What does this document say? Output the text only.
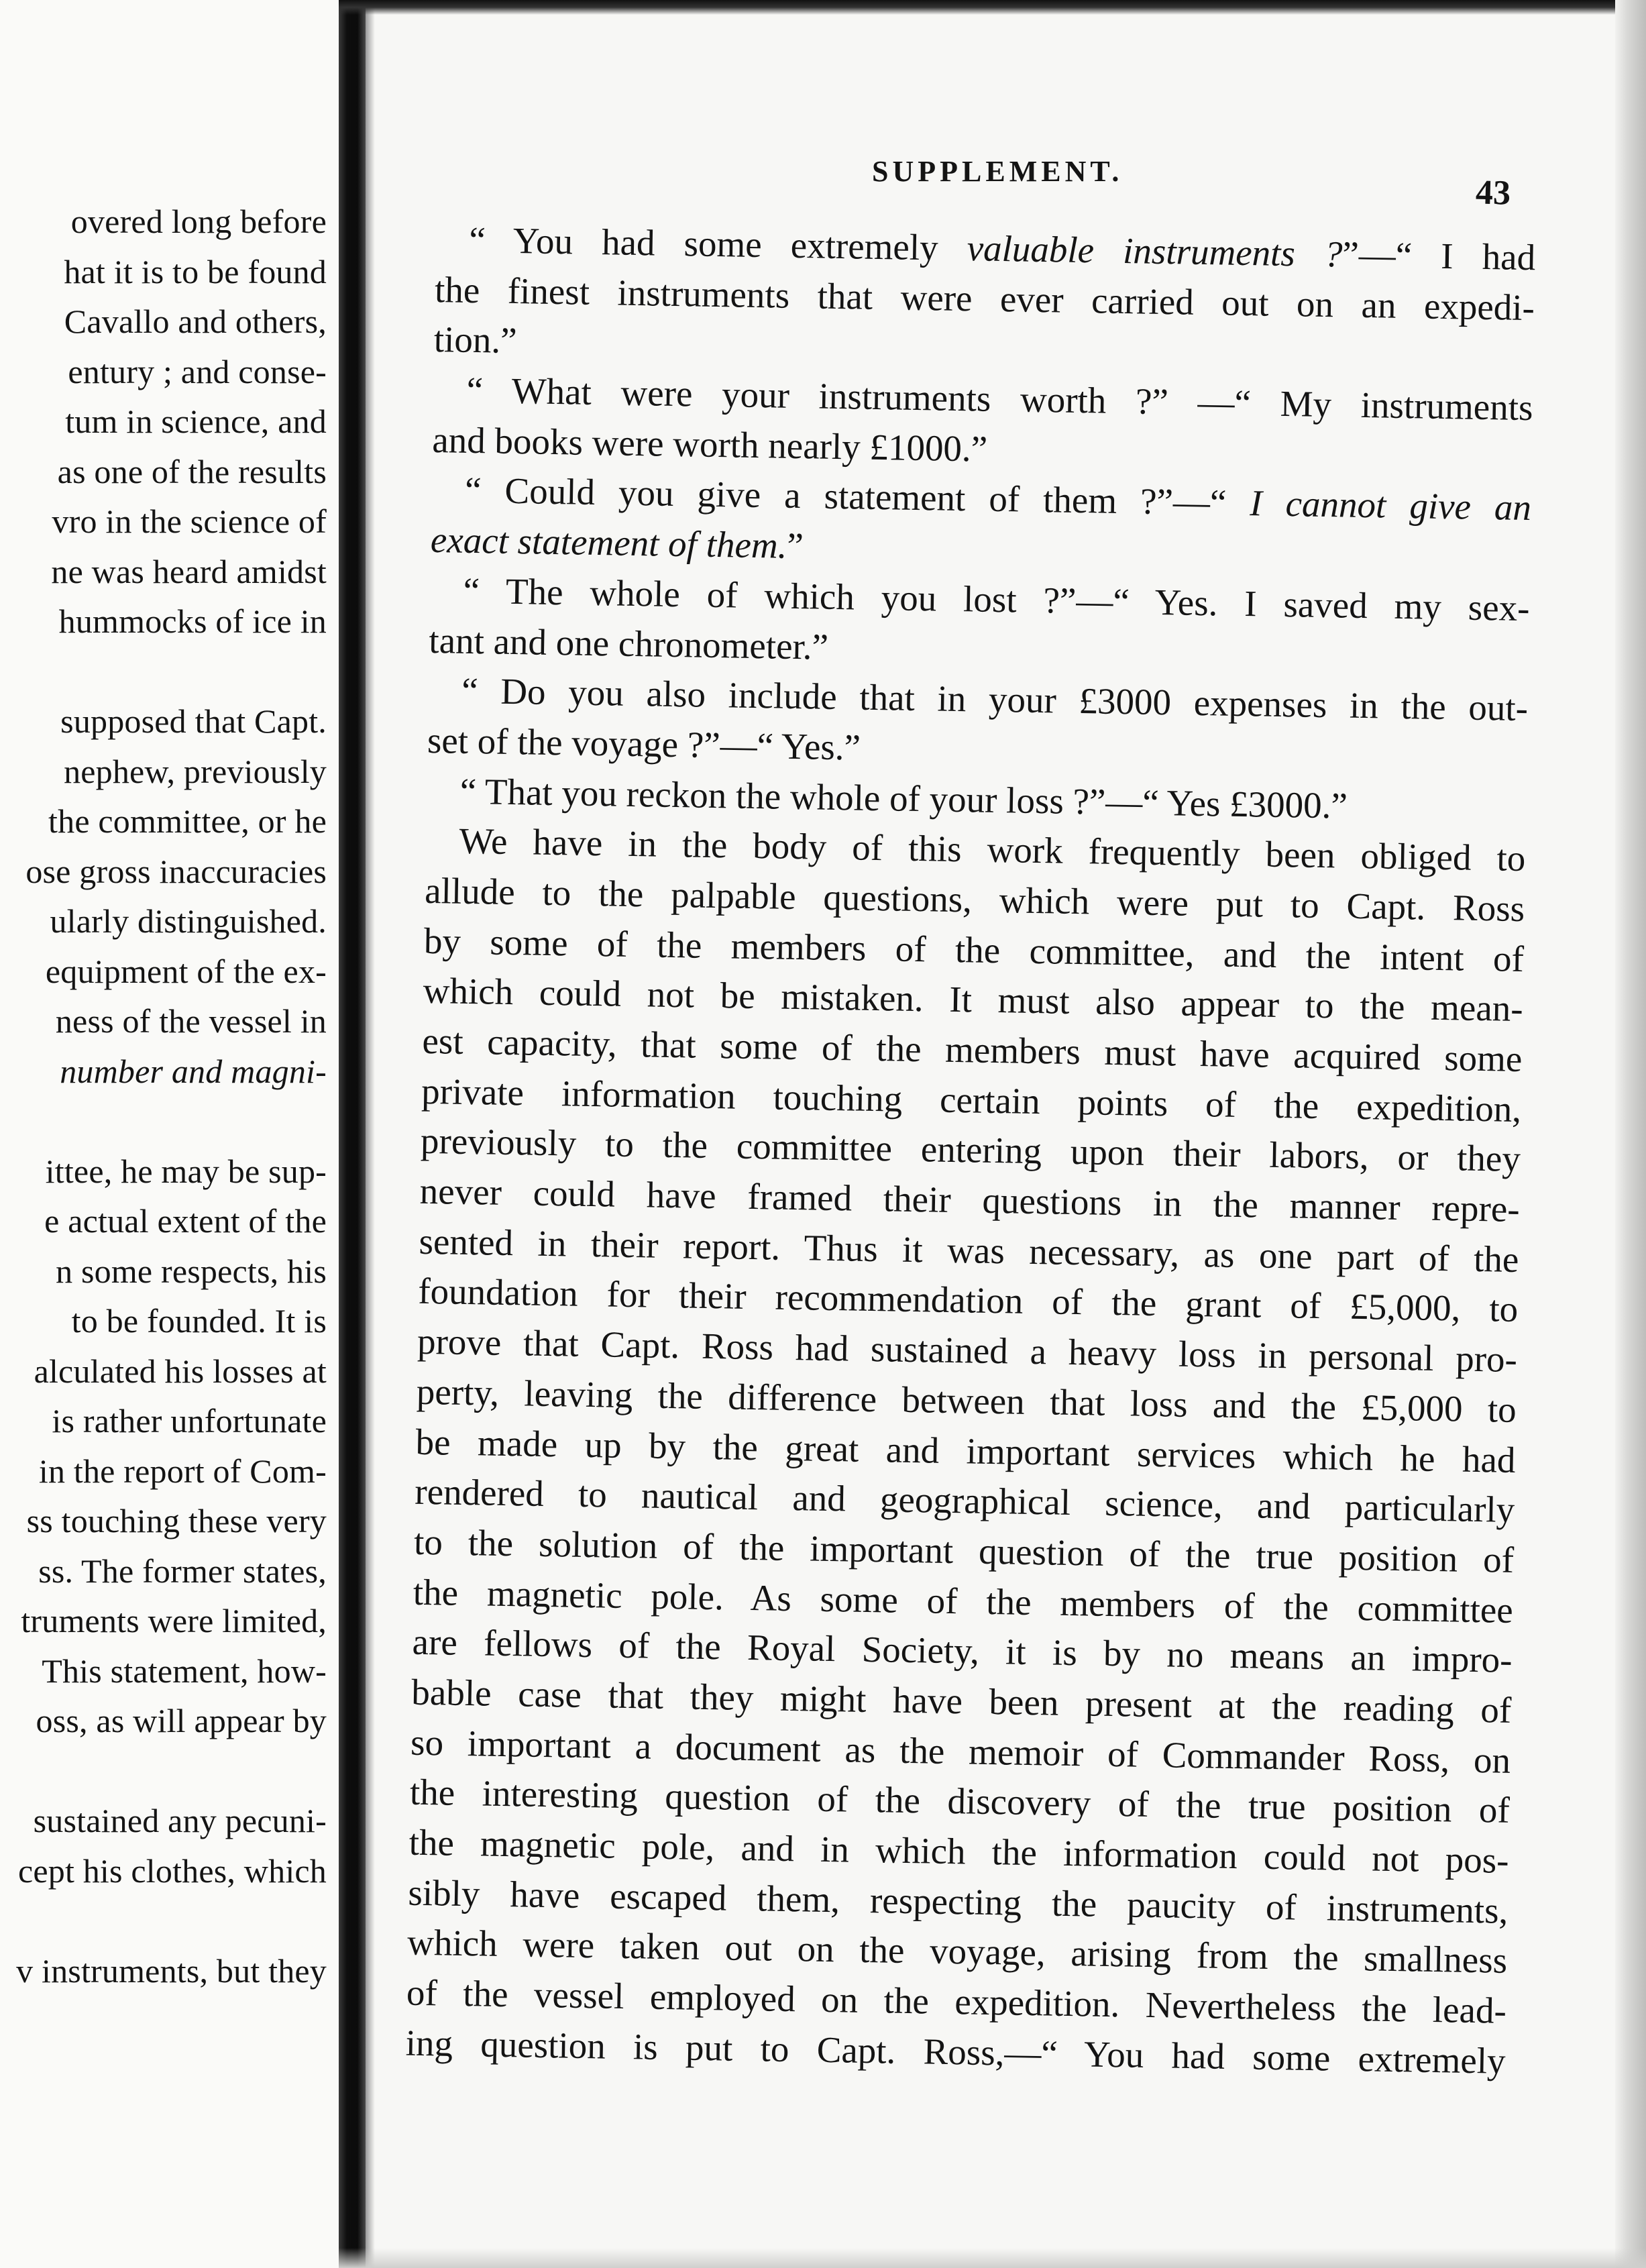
overed long before
hat it is to be found
Cavallo and others,
entury ; and conse-
tum in science, and
as one of the results
vro in the science of
ne was heard amidst
hummocks of ice in
supposed that Capt.
nephew, previously
the committee, or he
ose gross inaccuracies
ularly distinguished.
equipment of the ex-
ness of the vessel in
number and magni-
ittee, he may be sup-
e actual extent of the
n some respects, his
to be founded. It is
alculated his losses at
is rather unfortunate
in the report of Com-
ss touching these very
ss. The former states,
truments were limited,
This statement, how-
oss, as will appear by
sustained any pecuni-
cept his clothes, which
v instruments, but they
SUPPLEMENT.
43
“ You had some extremely valuable instruments ?”—“ I had
the finest instruments that were ever carried out on an expedi-
tion.”
“ What were your instruments worth ?” —“ My instruments
and books were worth nearly £1000.”
“ Could you give a statement of them ?”—“ I cannot give an
exact statement of them.”
“ The whole of which you lost ?”—“ Yes. I saved my sex-
tant and one chronometer.”
“ Do you also include that in your £3000 expenses in the out-
set of the voyage ?”—“ Yes.”
“ That you reckon the whole of your loss ?”—“ Yes £3000.”
We have in the body of this work frequently been obliged to
allude to the palpable questions, which were put to Capt. Ross
by some of the members of the committee, and the intent of
which could not be mistaken. It must also appear to the mean-
est capacity, that some of the members must have acquired some
private information touching certain points of the expedition,
previously to the committee entering upon their labors, or they
never could have framed their questions in the manner repre-
sented in their report. Thus it was necessary, as one part of the
foundation for their recommendation of the grant of £5,000, to
prove that Capt. Ross had sustained a heavy loss in personal pro-
perty, leaving the difference between that loss and the £5,000 to
be made up by the great and important services which he had
rendered to nautical and geographical science, and particularly
to the solution of the important question of the true position of
the magnetic pole. As some of the members of the committee
are fellows of the Royal Society, it is by no means an impro-
bable case that they might have been present at the reading of
so important a document as the memoir of Commander Ross, on
the interesting question of the discovery of the true position of
the magnetic pole, and in which the information could not pos-
sibly have escaped them, respecting the paucity of instruments,
which were taken out on the voyage, arising from the smallness
of the vessel employed on the expedition. Nevertheless the lead-
ing question is put to Capt. Ross,—“ You had some extremely
